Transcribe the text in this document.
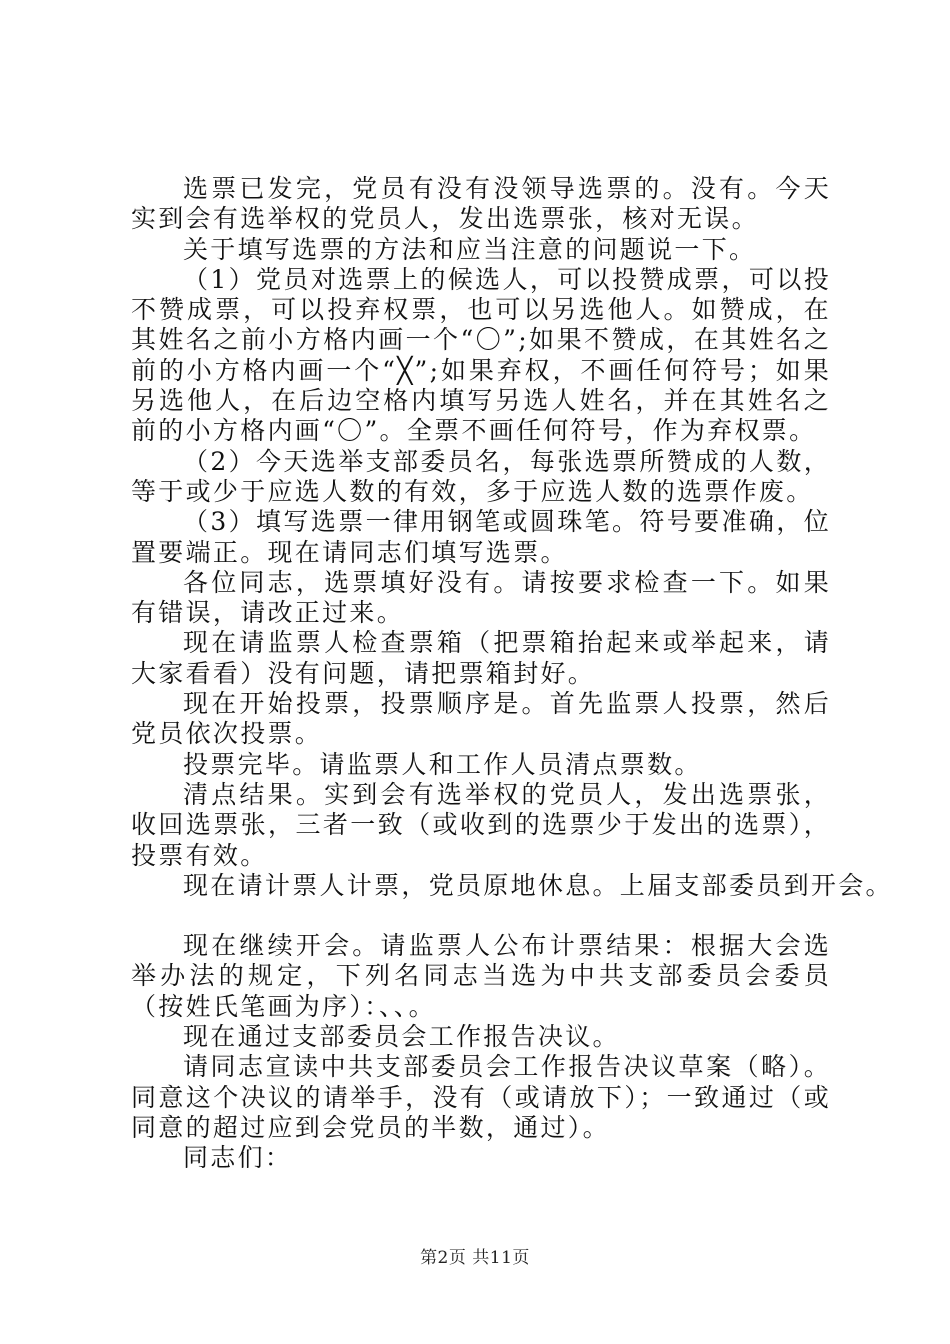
选票已发完，党员有没有没领导选票的。没有。今天实到会有选举权的党员人，发出选票张，核对无误。

关于填写选票的方法和应当注意的问题说一下。

（1）党员对选票上的候选人，可以投赞成票，可以投不赞成票，可以投弃权票，也可以另选他人。如赞成，在其姓名之前小方格内画一个“〇”;如果不赞成，在其姓名之前的小方格内画一个“╳”;如果弃权，不画任何符号；如果另选他人，在后边空格内填写另选人姓名，并在其姓名之前的小方格内画“〇”。全票不画任何符号，作为弃权票。

（2）今天选举支部委员名，每张选票所赞成的人数，等于或少于应选人数的有效，多于应选人数的选票作废。

（3）填写选票一律用钢笔或圆珠笔。符号要准确，位置要端正。现在请同志们填写选票。

各位同志，选票填好没有。请按要求检查一下。如果有错误，请改正过来。

现在请监票人检查票箱（把票箱抬起来或举起来，请大家看看）没有问题，请把票箱封好。

现在开始投票，投票顺序是。首先监票人投票，然后党员依次投票。

投票完毕。请监票人和工作人员清点票数。

清点结果。实到会有选举权的党员人，发出选票张，收回选票张，三者一致（或收到的选票少于发出的选票），投票有效。

现在请计票人计票，党员原地休息。上届支部委员到开会。

现在继续开会。请监票人公布计票结果：根据大会选举办法的规定，下列名同志当选为中共支部委员会委员（按姓氏笔画为序）：、、。

现在通过支部委员会工作报告决议。

请同志宣读中共支部委员会工作报告决议草案（略）。同意这个决议的请举手，没有（或请放下）；一致通过（或同意的超过应到会党员的半数，通过）。

同志们：

第2页 共11页
